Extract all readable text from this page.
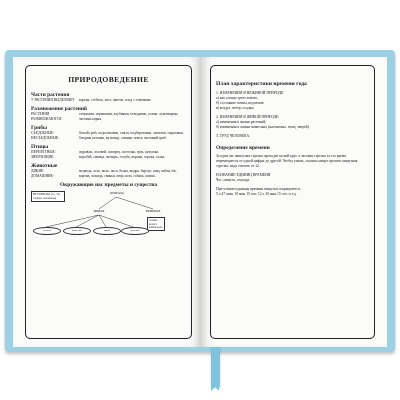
ПРИРОДОВЕДЕНИЕ
Части растения
У РАСТЕНИЯ ВЫДЕЛЯЮТ	корень, стебель, лист, цветок, плод с семенами.
Размножение растений
РАСТЕНИЯ РАЗМНОЖАЮТСЯ
семенами, черенками, клубнями, отводками, усами, луковицами, частями корня.
Грибы
СЪЕДОБНЫЕ:	белый гриб, подосиновик, опята, подберезовик, лисички, сыроежки.
НЕСЪЕДОБНЫЕ:	бледная поганка, мухомор, ложные опята, желчный гриб.
Птицы
ПЕРЕЛЕТНЫЕ:	журавли, соловей, скворец, ласточка, грач, кукушка.
ЗИМУЮЩИЕ:	воробей, синица, снегирь, голубь, ворона, сорока, галка.
Животные
ДИКИЕ:	медведь, лось, волк, лиса, белка, выдра, барсук, заяц, кабан, ёж.
ДОМАШНИЕ:	корова, лошадь, свинья, овца, коза, собака, кошка.
Окружающие нас предметы и существа
НЕ ПРИРОДА (то, что создано человеком)
ПРИРОДА
ЖИВАЯ	НЕЖИВАЯ
солнце воздух камни вода
человек	животные	грибы	растения
План характеристики времени года
1. ИЗМЕНЕНИЯ В НЕЖИВОЙ ПРИРОДЕ:
а) как солнце греет землю;
б) состояние почвы, водоемов;
в) воздух, ветер, осадки.
2. ИЗМЕНЕНИЯ В ЖИВОЙ ПРИРОДЕ:
а) изменения в жизни растений;
б) изменения в жизни животных (насекомых, птиц, зверей).
3. ТРУД ЧЕЛОВЕКА.
Определение времени
За один час минутная стрелка проходит целый круг, а часовая стрелка за это время перемещается от одной цифры до другой. Чтобы узнать, сколько минут прошло минутная стрелка, надо считать от 12.
НАЗВАНИЕ ЕДИНИЦ ВРЕМЕНИ
Час, минута, секунда.
При чтении единицы времени минутки сокращаются:
5 ч 47 мин; 10 мин 15 сек; 12 ч 30 мин 15 сек. и т.д.
